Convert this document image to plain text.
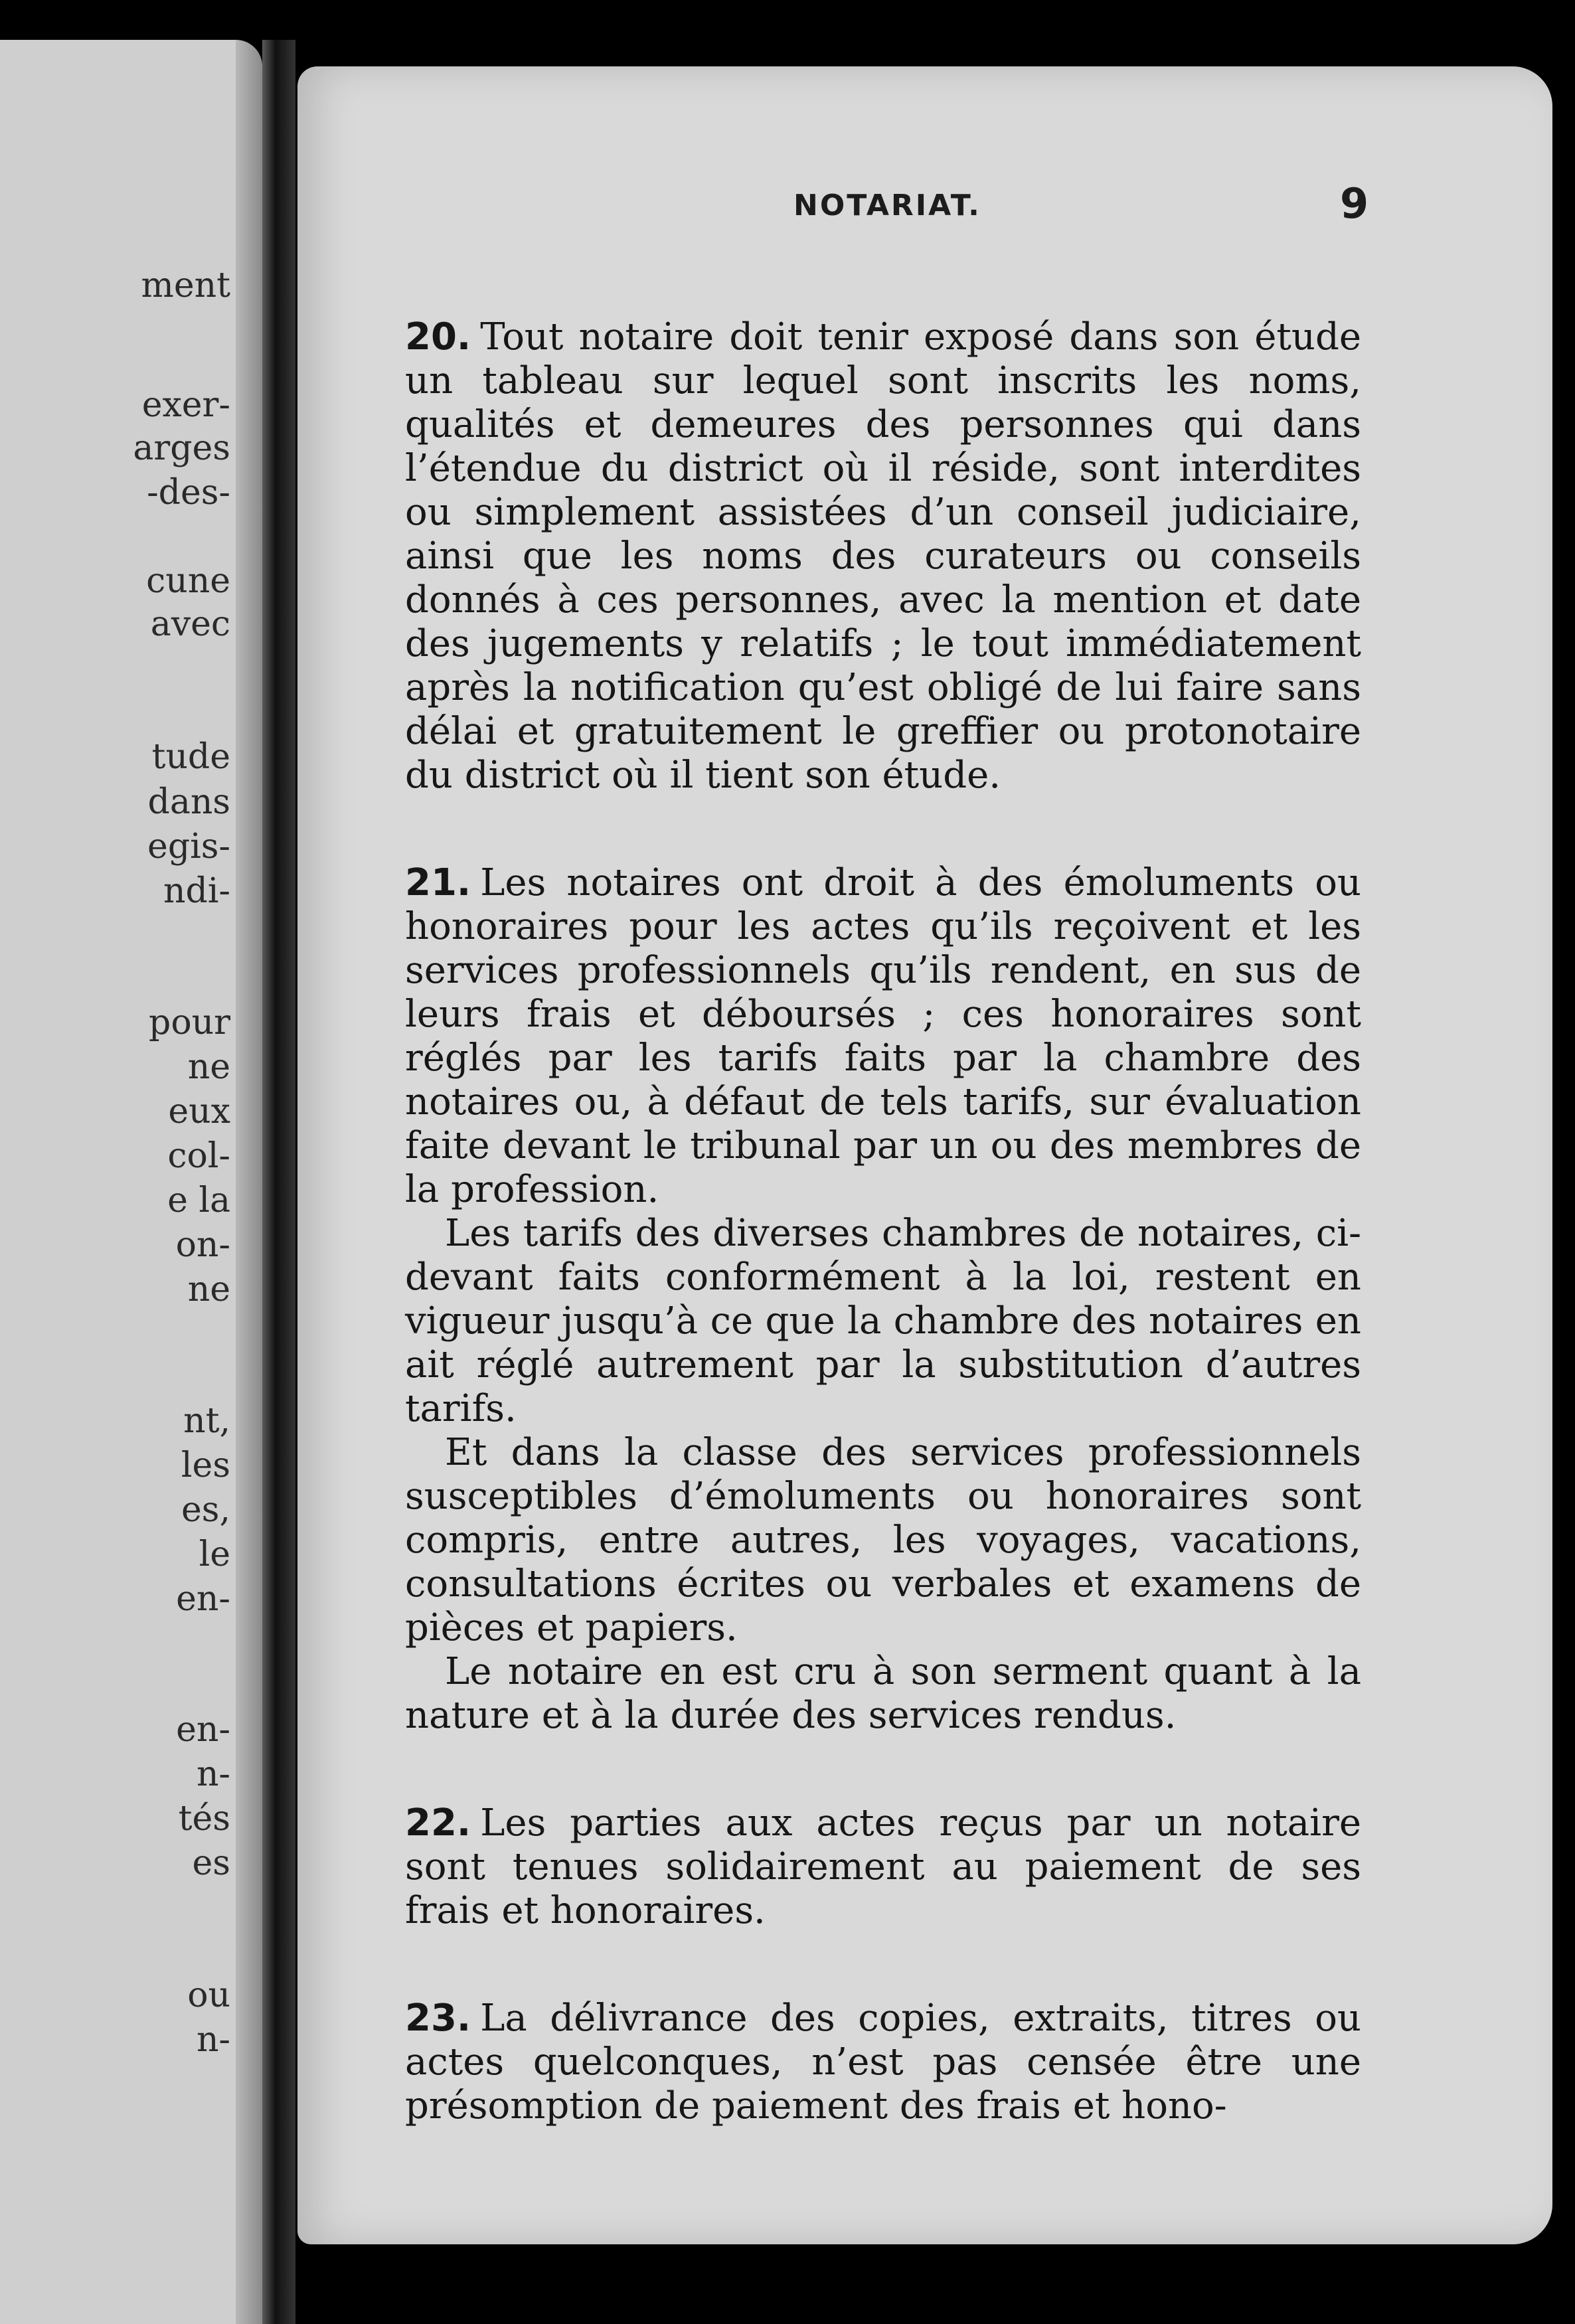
ment
exer-
arges
-des-
cune
avec
tude
dans
egis-
ndi-
pour
ne
eux
col-
e la
on-
ne
nt,
les
es,
le
en-
en-
n-
tés
es
ou
n-
NOTARIAT.	9

20. Tout notaire doit tenir exposé dans son étude un tableau sur lequel sont inscrits les noms, qualités et demeures des personnes qui dans l’étendue du district où il réside, sont interdites ou simplement assistées d’un conseil judiciaire, ainsi que les noms des curateurs ou conseils donnés à ces personnes, avec la mention et date des jugements y relatifs ; le tout immédiatement après la notification qu’est obligé de lui faire sans délai et gratuitement le greffier ou protonotaire du district où il tient son étude.

21. Les notaires ont droit à des émoluments ou honoraires pour les actes qu’ils reçoivent et les services professionnels qu’ils rendent, en sus de leurs frais et déboursés ; ces honoraires sont réglés par les tarifs faits par la chambre des notaires ou, à défaut de tels tarifs, sur évaluation faite devant le tribunal par un ou des membres de la profession.

Les tarifs des diverses chambres de notaires, ci-devant faits conformément à la loi, restent en vigueur jusqu’à ce que la chambre des notaires en ait réglé autrement par la substitution d’autres tarifs.

Et dans la classe des services professionnels susceptibles d’émoluments ou honoraires sont compris, entre autres, les voyages, vacations, consultations écrites ou verbales et examens de pièces et papiers.

Le notaire en est cru à son serment quant à la nature et à la durée des services rendus.

22. Les parties aux actes reçus par un notaire sont tenues solidairement au paiement de ses frais et honoraires.

23. La délivrance des copies, extraits, titres ou actes quelconques, n’est pas censée être une présomption de paiement des frais et hono-
